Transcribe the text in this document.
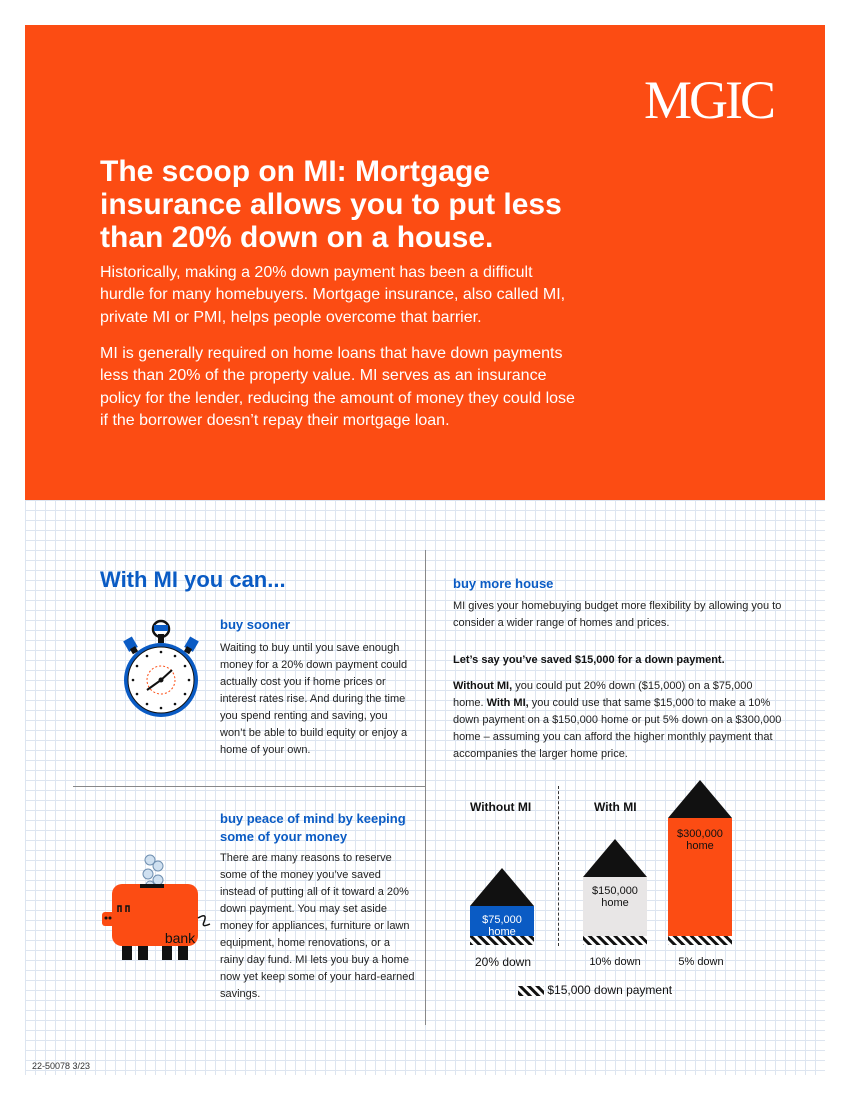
MGIC
The scoop on MI: Mortgage insurance allows you to put less than 20% down on a house.

Historically, making a 20% down payment has been a difficult hurdle for many homebuyers. Mortgage insurance, also called MI, private MI or PMI, helps people overcome that barrier.

MI is generally required on home loans that have down payments less than 20% of the property value. MI serves as an insurance policy for the lender, reducing the amount of money they could lose if the borrower doesn’t repay their mortgage loan.

With MI you can...
buy sooner
Waiting to buy until you save enough money for a 20% down payment could actually cost you if home prices or interest rates rise. And during the time you spend renting and saving, you won’t be able to build equity or enjoy a home of your own.
bank
buy peace of mind by keeping some of your money
There are many reasons to reserve some of the money you’ve saved instead of putting all of it toward a 20% down payment. You may set aside money for appliances, furniture or lawn equipment, home renovations, or a rainy day fund. MI lets you buy a home now yet keep some of your hard-earned savings.
buy more house
MI gives your homebuying budget more flexibility by allowing you to consider a wider range of homes and prices.
Let’s say you’ve saved $15,000 for a down payment.
Without MI, you could put 20% down ($15,000) on a $75,000 home. With MI, you could use that same $15,000 to make a 10% down payment on a $150,000 home or put 5% down on a $300,000 home – assuming you can afford the higher monthly payment that accompanies the larger home price.
Without MI	With MI
$75,000 home
$150,000 home
$300,000 home
20% down	10% down	5% down
$15,000 down payment
22-50078 3/23
